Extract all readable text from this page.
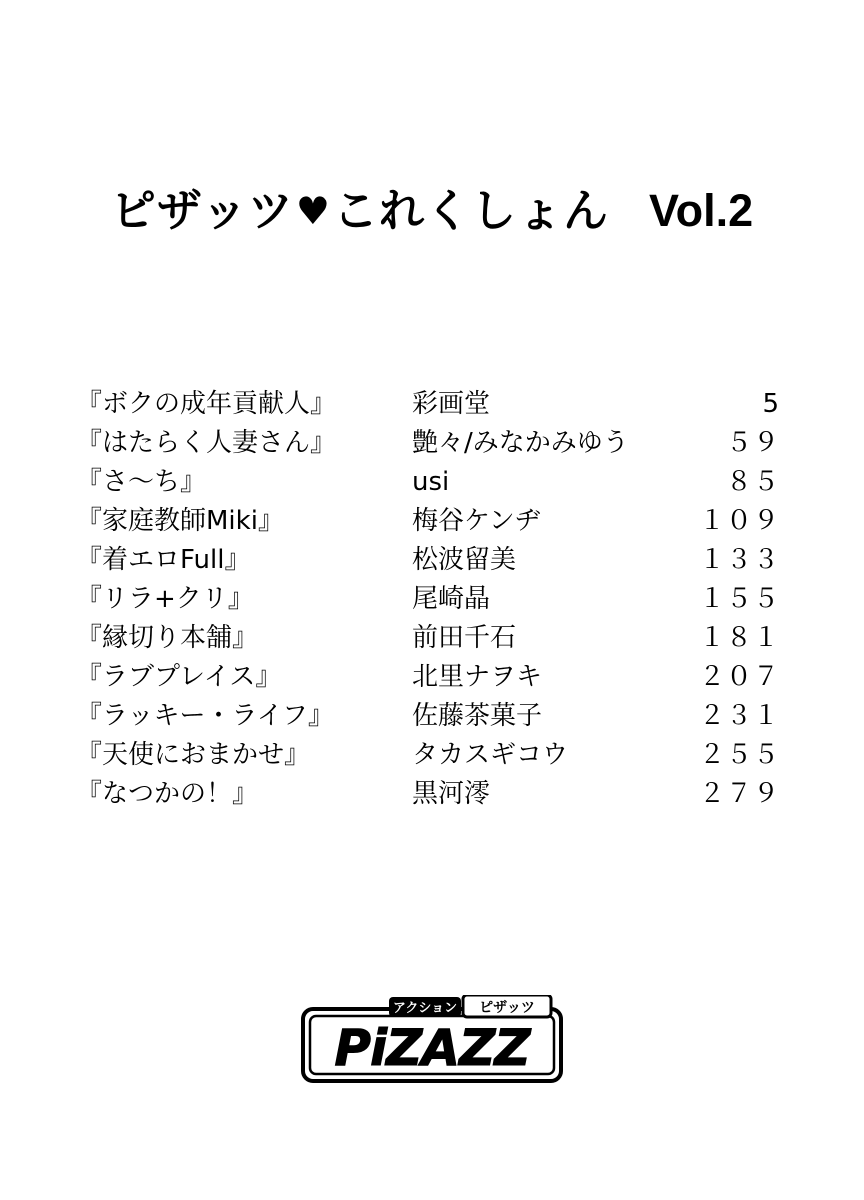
ピザッツ♥これくしょん Vol.2
『ボクの成年貢献人』	彩画堂	5
『はたらく人妻さん』	艶々/みなかみゆう	５９
『さ〜ち』	usi	８５
『家庭教師Miki』	梅谷ケンヂ	１０９
『着エロFull』	松波留美	１３３
『リラ+クリ』	尾崎晶	１５５
『縁切り本舗』	前田千石	１８１
『ラブプレイス』	北里ナヲキ	２０７
『ラッキー・ライフ』	佐藤茶菓子	２３１
『天使におまかせ』	タカスギコウ	２５５
『なつかの！』	黒河澪	２７９
アクション ピザッツ
PiZAZZ
